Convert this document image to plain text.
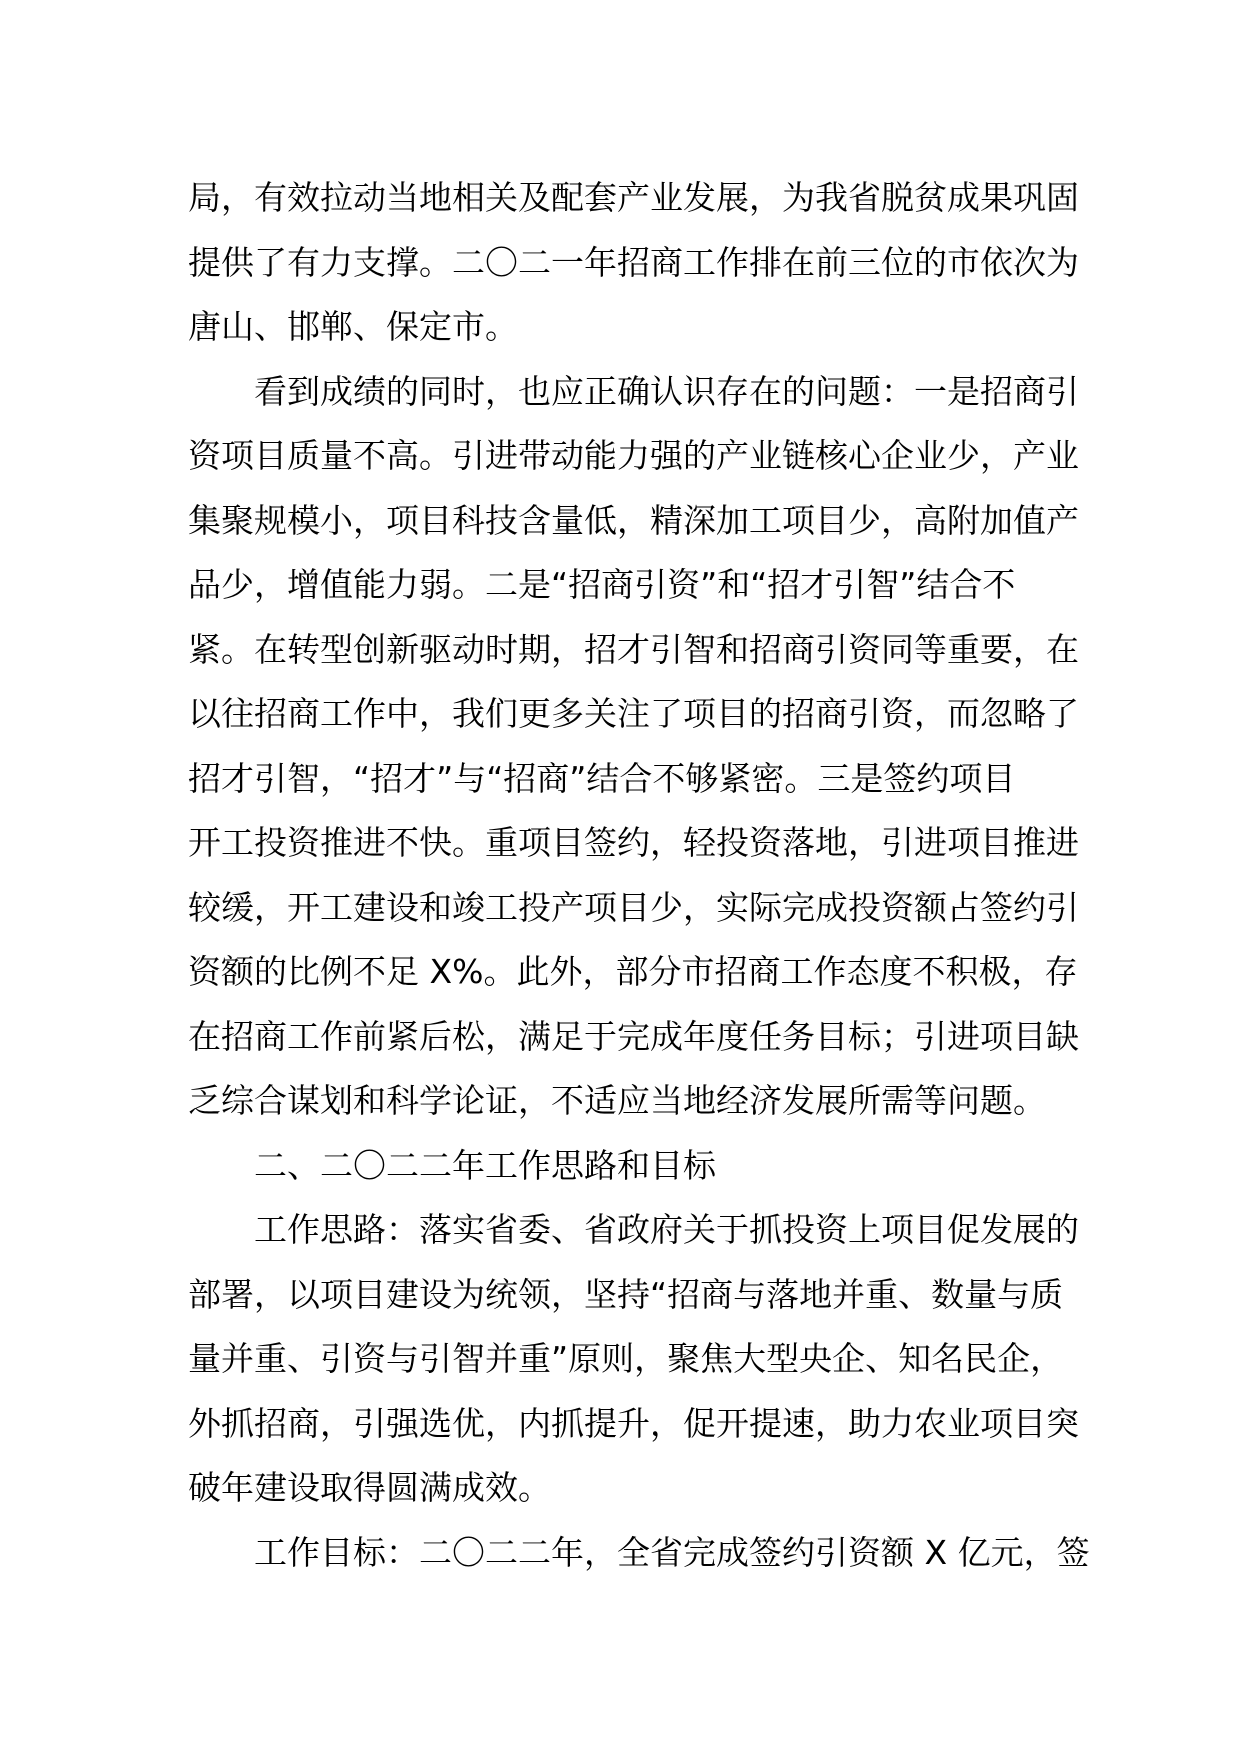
局，有效拉动当地相关及配套产业发展，为我省脱贫成果巩固
提供了有力支撑。二〇二一年招商工作排在前三位的市依次为
唐山、邯郸、保定市。

看到成绩的同时，也应正确认识存在的问题：一是招商引
资项目质量不高。引进带动能力强的产业链核心企业少，产业
集聚规模小，项目科技含量低，精深加工项目少，高附加值产
品少，增值能力弱。二是“招商引资”和“招才引智”结合不
紧。在转型创新驱动时期，招才引智和招商引资同等重要，在
以往招商工作中，我们更多关注了项目的招商引资，而忽略了
招才引智，“招才”与“招商”结合不够紧密。三是签约项目
开工投资推进不快。重项目签约，轻投资落地，引进项目推进
较缓，开工建设和竣工投产项目少，实际完成投资额占签约引
资额的比例不足 X%。此外，部分市招商工作态度不积极，存
在招商工作前紧后松，满足于完成年度任务目标；引进项目缺
乏综合谋划和科学论证，不适应当地经济发展所需等问题。

二、二〇二二年工作思路和目标

工作思路：落实省委、省政府关于抓投资上项目促发展的
部署，以项目建设为统领，坚持“招商与落地并重、数量与质
量并重、引资与引智并重”原则，聚焦大型央企、知名民企，
外抓招商，引强选优，内抓提升，促开提速，助力农业项目突
破年建设取得圆满成效。

工作目标：二〇二二年，全省完成签约引资额 X 亿元，签
